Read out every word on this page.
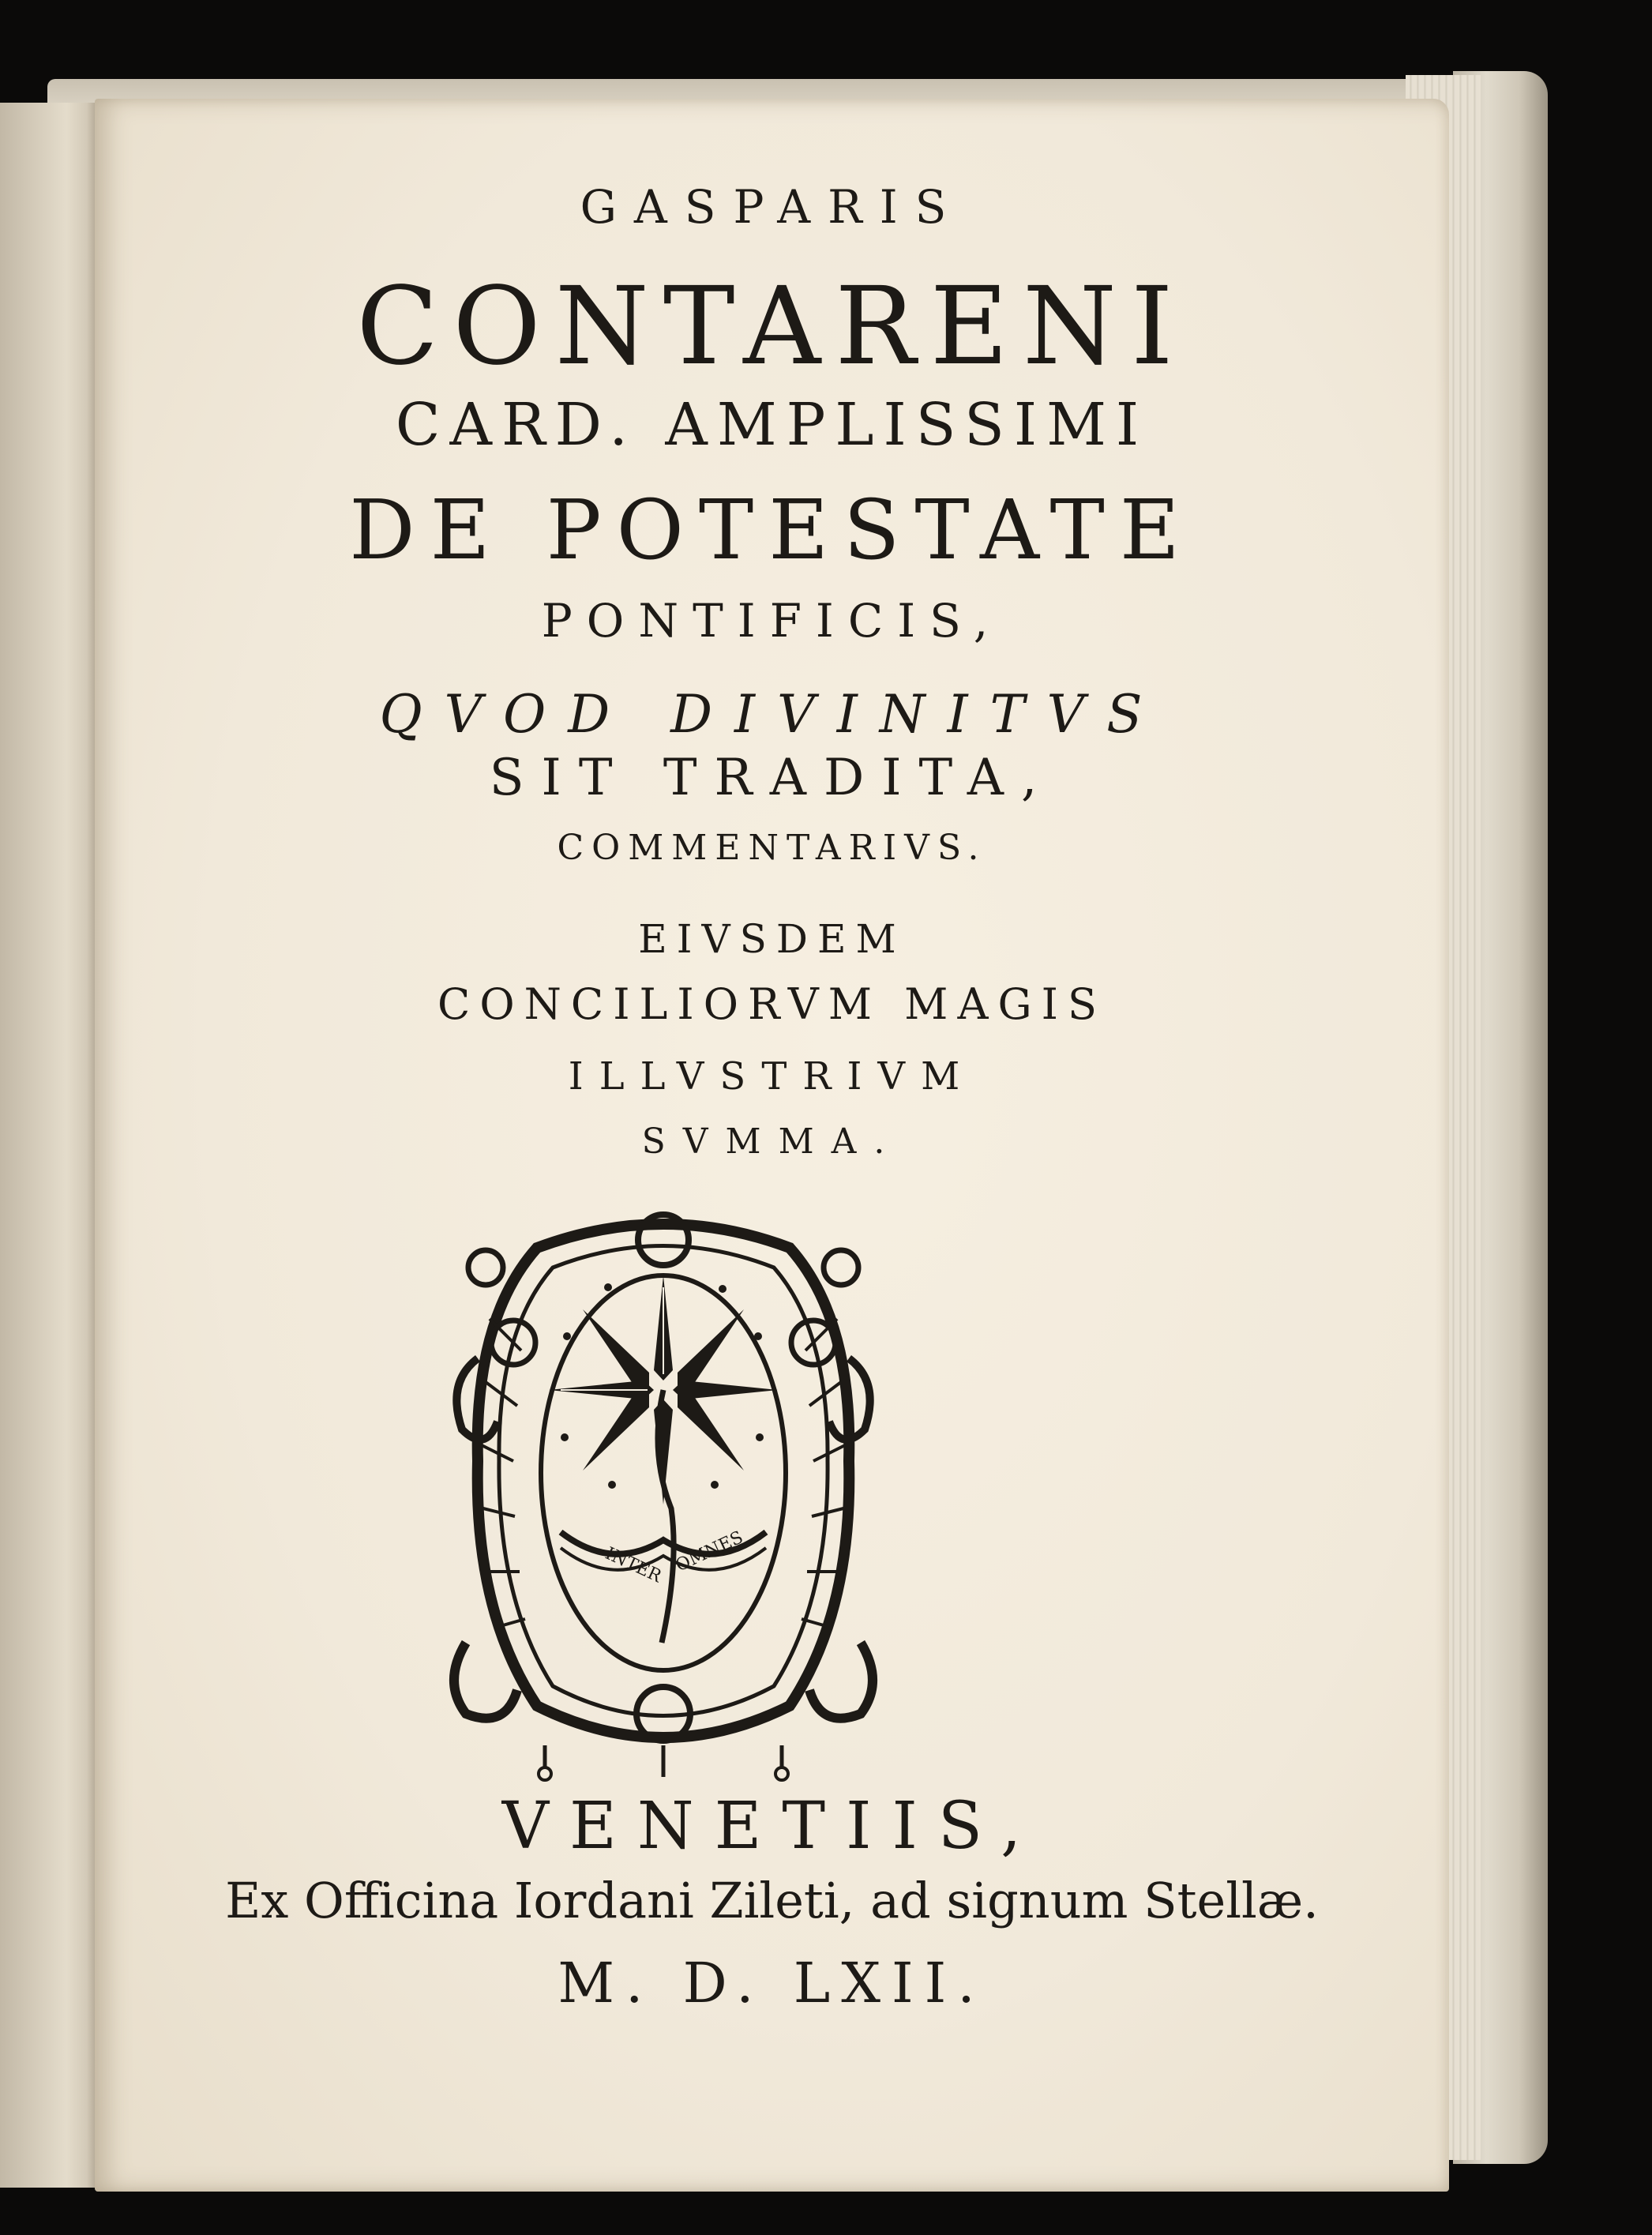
GASPARIS
CONTARENI
CARD. AMPLISSIMI
DE POTESTATE
PONTIFICIS,
QVOD DIVINITVS
SIT TRADITA,
COMMENTARIVS.
EIVSDEM
CONCILIORVM MAGIS
ILLVSTRIVM
SVMMA.
INTER OMNES
VENETIIS,
Ex Officina Iordani Zileti, ad signum Stellæ.
M. D. LXII.
